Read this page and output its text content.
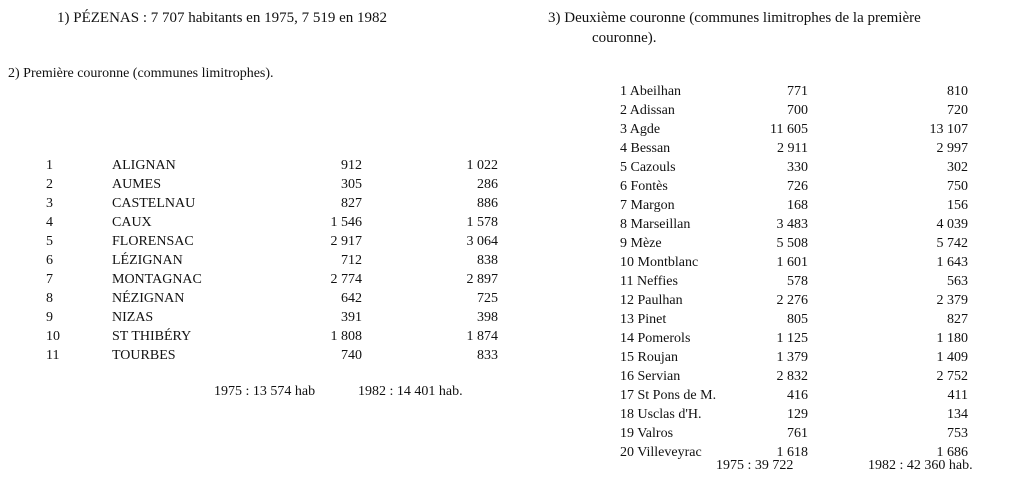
1) PÉZENAS : 7 707 habitants en 1975, 7 519 en 1982
2) Première couronne (communes limitrophes).
1	ALIGNAN	912	1 022
2	AUMES	305	286
3	CASTELNAU	827	886
4	CAUX	1 546	1 578
5	FLORENSAC	2 917	3 064
6	LÉZIGNAN	712	838
7	MONTAGNAC	2 774	2 897
8	NÉZIGNAN	642	725
9	NIZAS	391	398
10	ST THIBÉRY	1 808	1 874
11	TOURBES	740	833
1975 : 13 574 hab	1982 : 14 401 hab.
3) Deuxième couronne (communes limitrophes de la première
couronne).
1 Abeilhan	771	810
2 Adissan	700	720
3 Agde	11 605	13 107
4 Bessan	2 911	2 997
5 Cazouls	330	302
6 Fontès	726	750
7 Margon	168	156
8 Marseillan	3 483	4 039
9 Mèze	5 508	5 742
10 Montblanc	1 601	1 643
11 Neffies	578	563
12 Paulhan	2 276	2 379
13 Pinet	805	827
14 Pomerols	1 125	1 180
15 Roujan	1 379	1 409
16 Servian	2 832	2 752
17 St Pons de M.	416	411
18 Usclas d'H.	129	134
19 Valros	761	753
20 Villeveyrac	1 618	1 686
1975 : 39 722	1982 : 42 360 hab.
